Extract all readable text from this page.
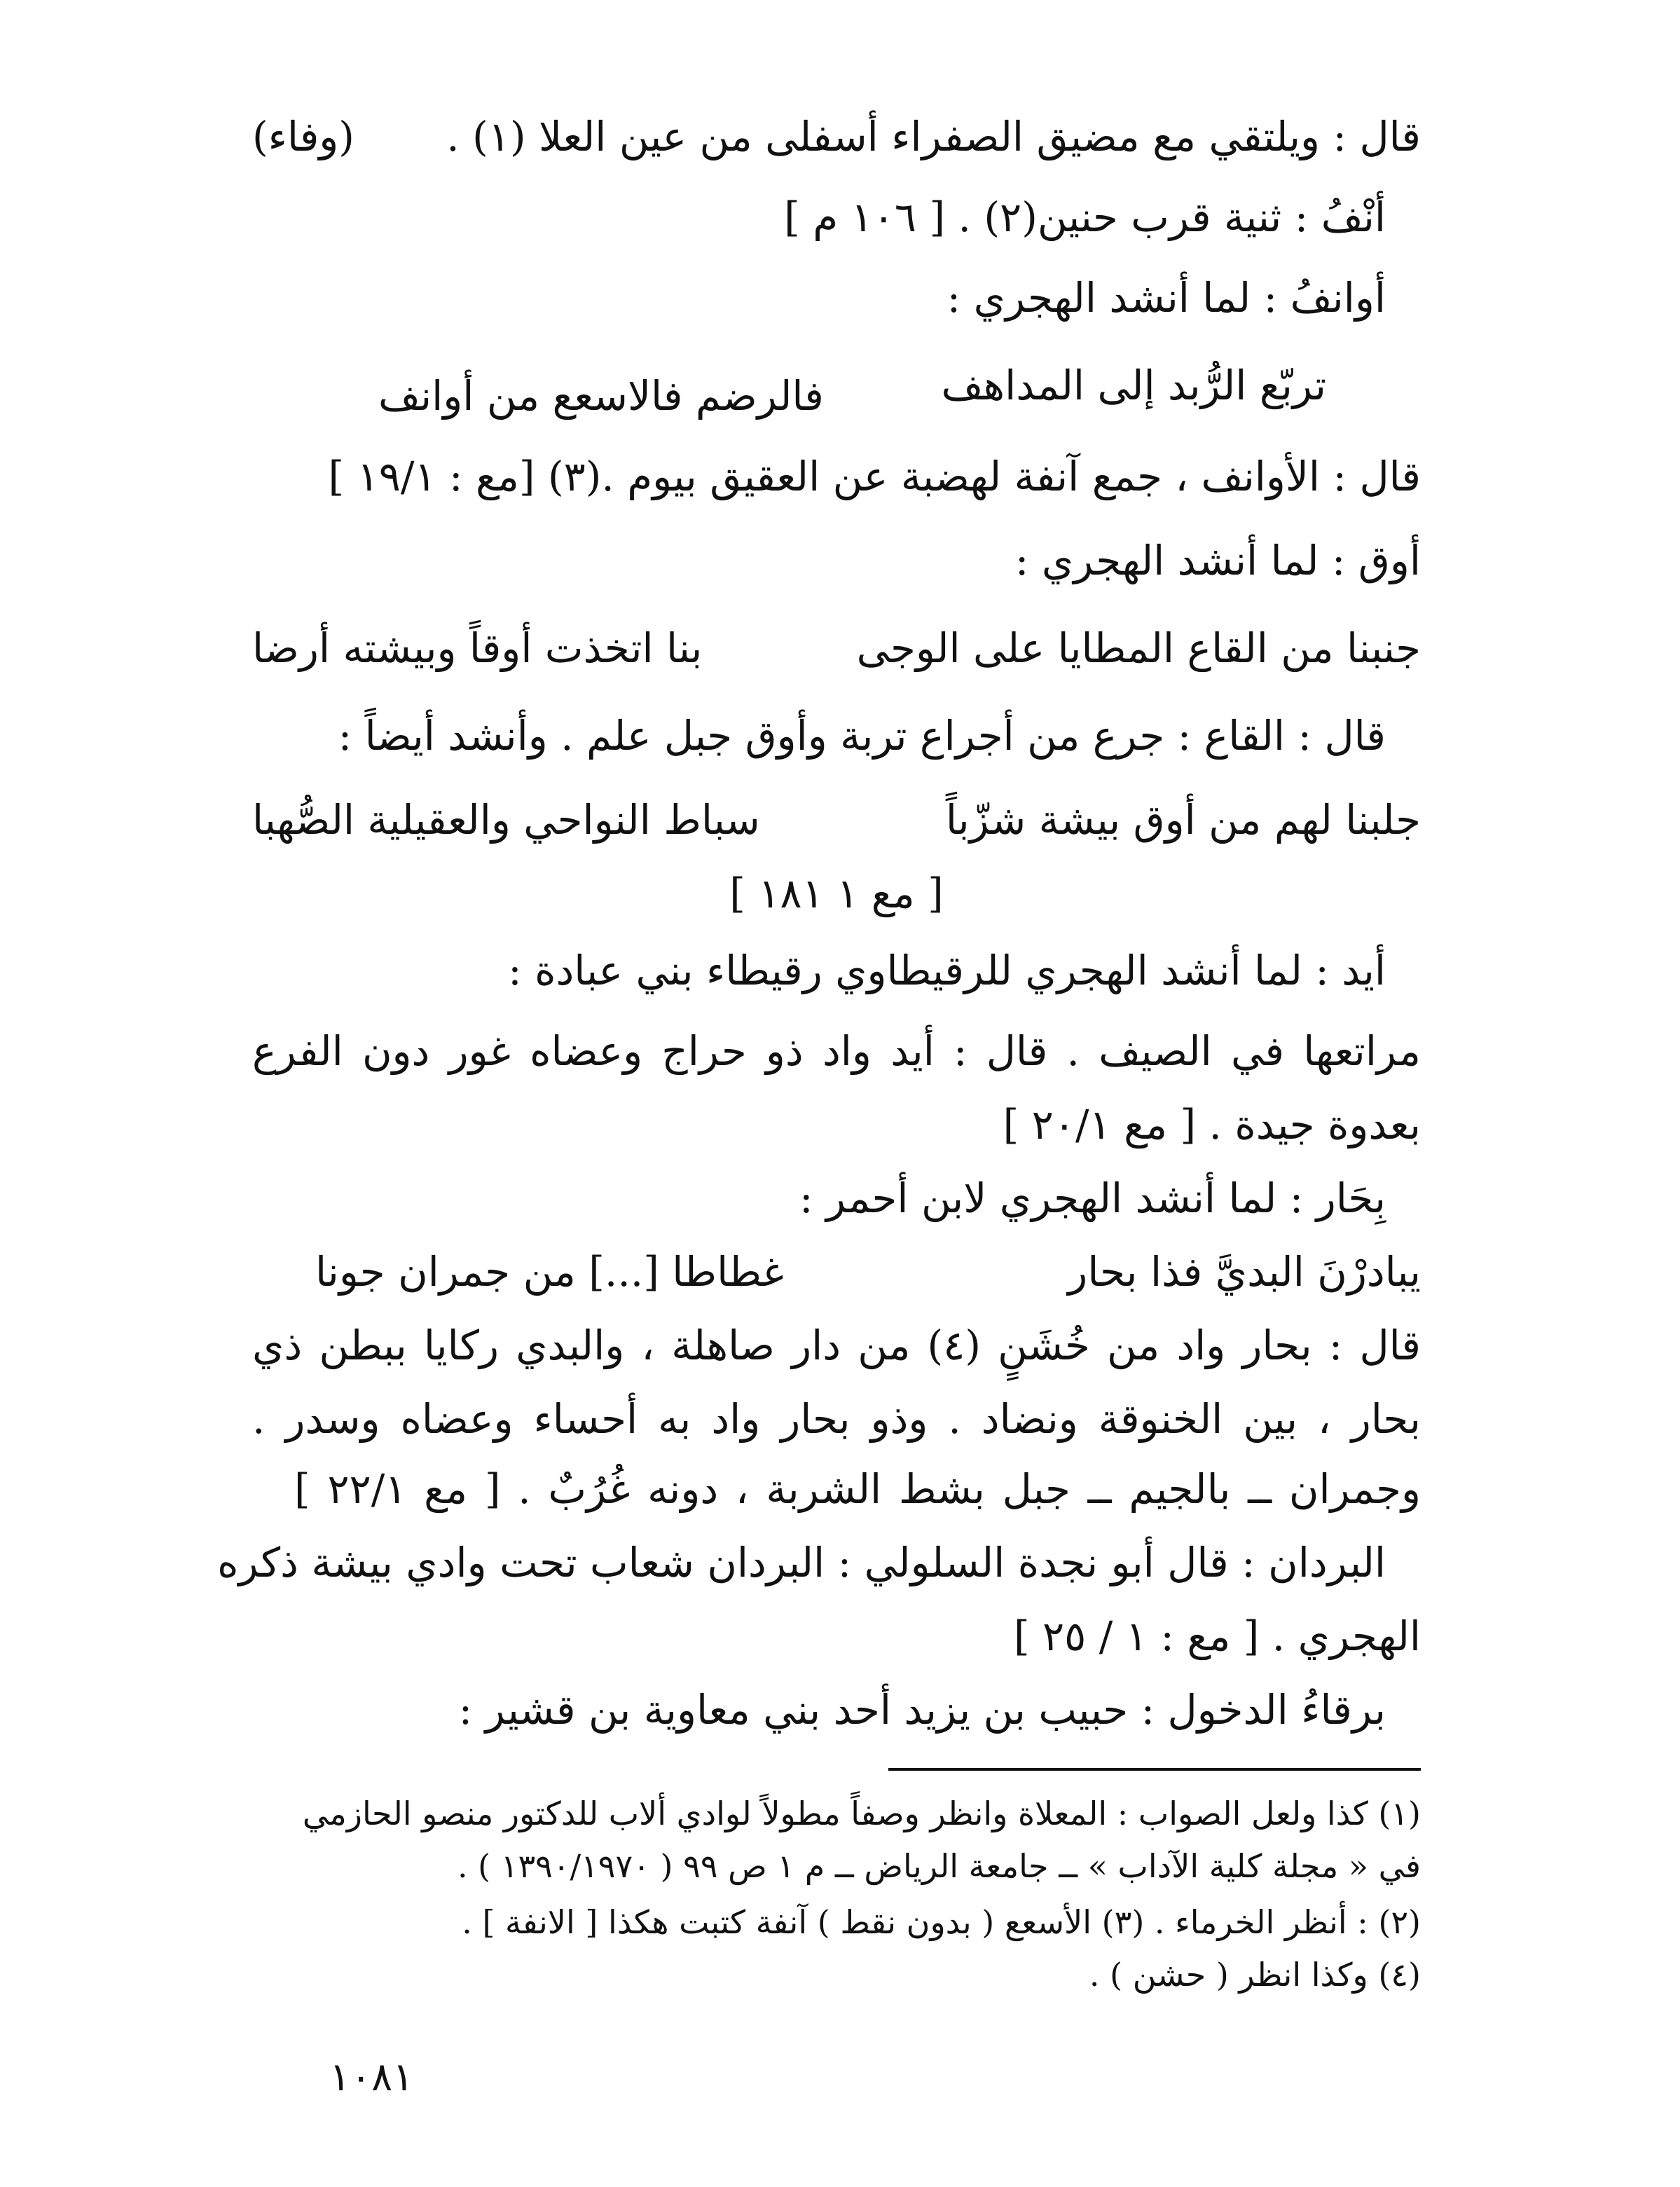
قال : ويلتقي مع مضيق الصفراء أسفلى من عين العلا (١) .
(وفاء)
أنْفُ : ثنية قرب حنين(٢) . [ ١٠٦ م ]
أوانفُ : لما أنشد الهجري :
تربّع الرُّبد إلى المداهف
فالرضم فالاسعع من أوانف
قال : الأوانف ، جمع آنفة لهضبة عن العقيق بيوم .(٣) [مع : ١٩/١ ]
أوق : لما أنشد الهجري :
جنبنا من القاع المطايا على الوجى
بنا اتخذت أوقاً وبيشته أرضا
قال : القاع : جرع من أجراع تربة وأوق جبل علم . وأنشد أيضاً :
جلبنا لهم من أوق بيشة شزّباً
سباط النواحي والعقيلية الصُّهبا
[ مع ١ ١٨١ ]
أيد : لما أنشد الهجري للرقيطاوي رقيطاء بني عبادة :
مراتعها في الصيف . قال : أيد واد ذو حراج وعضاه غور دون الفرع
بعدوة جيدة . [ مع ٢٠/١ ]
بِحَار : لما أنشد الهجري لابن أحمر :
يبادرْنَ البديَّ فذا بحار
غطاطا [...] من جمران جونا
قال : بحار واد من خُشَنٍ (٤) من دار صاهلة ، والبدي ركايا ببطن ذي
بحار ، بين الخنوقة ونضاد . وذو بحار واد به أحساء وعضاه وسدر .
وجمران ــ بالجيم ــ جبل بشط الشربة ، دونه غُرُبٌ . [ مع ٢٢/١ ]
البردان : قال أبو نجدة السلولي : البردان شعاب تحت وادي بيشة ذكره
الهجري . [ مع : ١ / ٢٥ ]
برقاءُ الدخول : حبيب بن يزيد أحد بني معاوية بن قشير :
(١) كذا ولعل الصواب : المعلاة وانظر وصفاً مطولاً لوادي ألاب للدكتور منصو الحازمي
في « مجلة كلية الآداب » ــ جامعة الرياض ــ م ١ ص ٩٩ ( ١٣٩٠/١٩٧٠ ) .
(٢) : أنظر الخرماء . (٣) الأسعع ( بدون نقط ) آنفة كتبت هكذا [ الانفة ] .
(٤) وكذا انظر ( حشن ) .
١٠٨١
